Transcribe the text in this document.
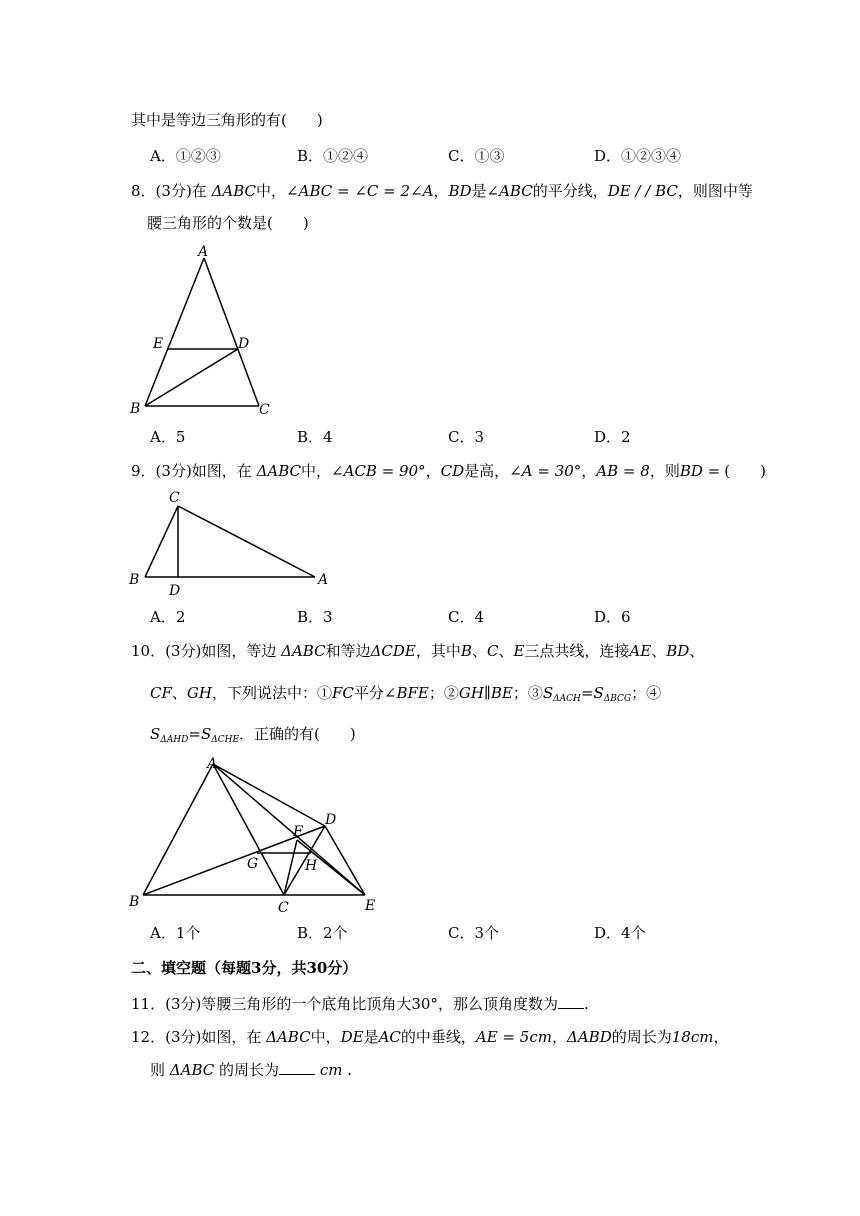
其中是等边三角形的有(　　)
A．①②③	B．①②④	C．①③	D．①②③④
8．(3分)在 ΔABC中，∠ABC = ∠C = 2∠A，BD是∠ABC的平分线，DE / / BC，则图中等
腰三角形的个数是(　　)
A
E	D
B	C
A．5	B．4	C．3	D．2
9．(3分)如图，在 ΔABC中，∠ACB = 90°，CD是高，∠A = 30°，AB = 8，则BD = (　　)
C
B
D
A
A．2	B．3	C．4	D．6
10．(3分)如图，等边 ΔABC和等边ΔCDE，其中B、C、E三点共线，连接AE、BD、
CF、GH，下列说法中：①FC平分∠BFE；②GH∥BE；$③S_{\Delta ACH}=S_{\Delta BCG}$；④
$S_{\Delta AHD}=S_{\Delta CHE}$．正确的有(　　)
A
D
F
G	H
B	C	E
A．1个	B．2个	C．3个	D．4个
二、填空题（每题3分，共30分）
11．(3分)等腰三角形的一个底角比顶角大30°，那么顶角度数为 .
12．(3分)如图，在 ΔABC中，DE是AC的中垂线，AE = 5cm，ΔABD的周长为18cm，
则 ΔABC 的周长为	cm .
